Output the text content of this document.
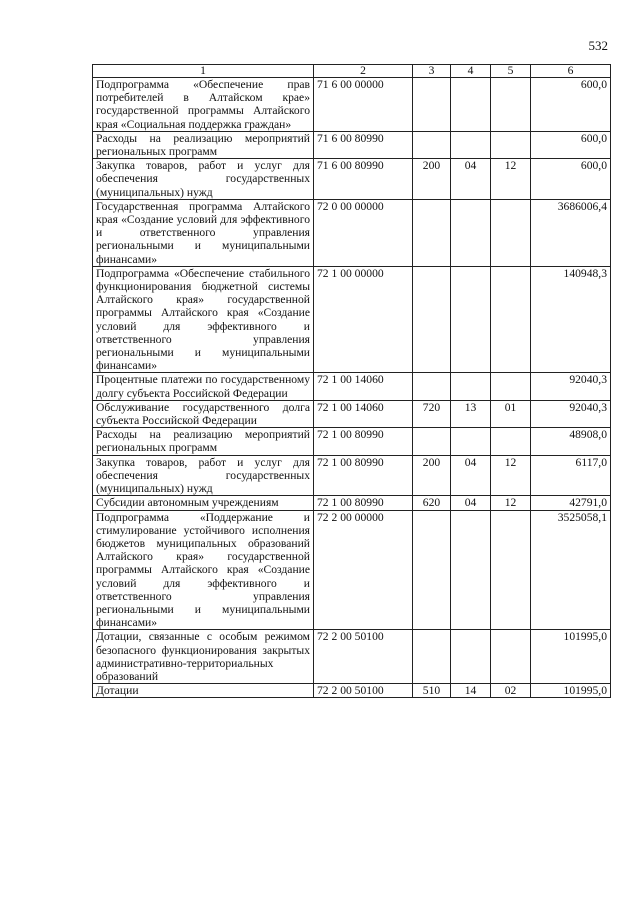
532
1	2	3	4	5	6
Подпрограмма «Обеспечение прав потребителей в Алтайском крае» государственной программы Алтайского края «Социальная поддержка граждан»	71 6 00 00000				600,0
Расходы на реализацию мероприятий региональных программ	71 6 00 80990				600,0
Закупка товаров, работ и услуг для обеспечения государственных (муниципальных) нужд	71 6 00 80990	200	04	12	600,0
Государственная программа Алтайского края «Создание условий для эффективного и ответственного управления региональными и муниципальными финансами»	72 0 00 00000				3686006,4
Подпрограмма «Обеспечение стабильного функционирования бюджетной системы Алтайского края» государственной программы Алтайского края «Создание условий для эффективного и ответственного управления региональными и муниципальными финансами»	72 1 00 00000				140948,3
Процентные платежи по государственному долгу субъекта Российской Федерации	72 1 00 14060				92040,3
Обслуживание государственного долга субъекта Российской Федерации	72 1 00 14060	720	13	01	92040,3
Расходы на реализацию мероприятий региональных программ	72 1 00 80990				48908,0
Закупка товаров, работ и услуг для обеспечения государственных (муниципальных) нужд	72 1 00 80990	200	04	12	6117,0
Субсидии автономным учреждениям	72 1 00 80990	620	04	12	42791,0
Подпрограмма «Поддержание и стимулирование устойчивого исполнения бюджетов муниципальных образований Алтайского края» государственной программы Алтайского края «Создание условий для эффективного и ответственного управления региональными и муниципальными финансами»	72 2 00 00000				3525058,1
Дотации, связанные с особым режимом безопасного функционирования закрытых административно-территориальных образований	72 2 00 50100				101995,0
Дотации	72 2 00 50100	510	14	02	101995,0
